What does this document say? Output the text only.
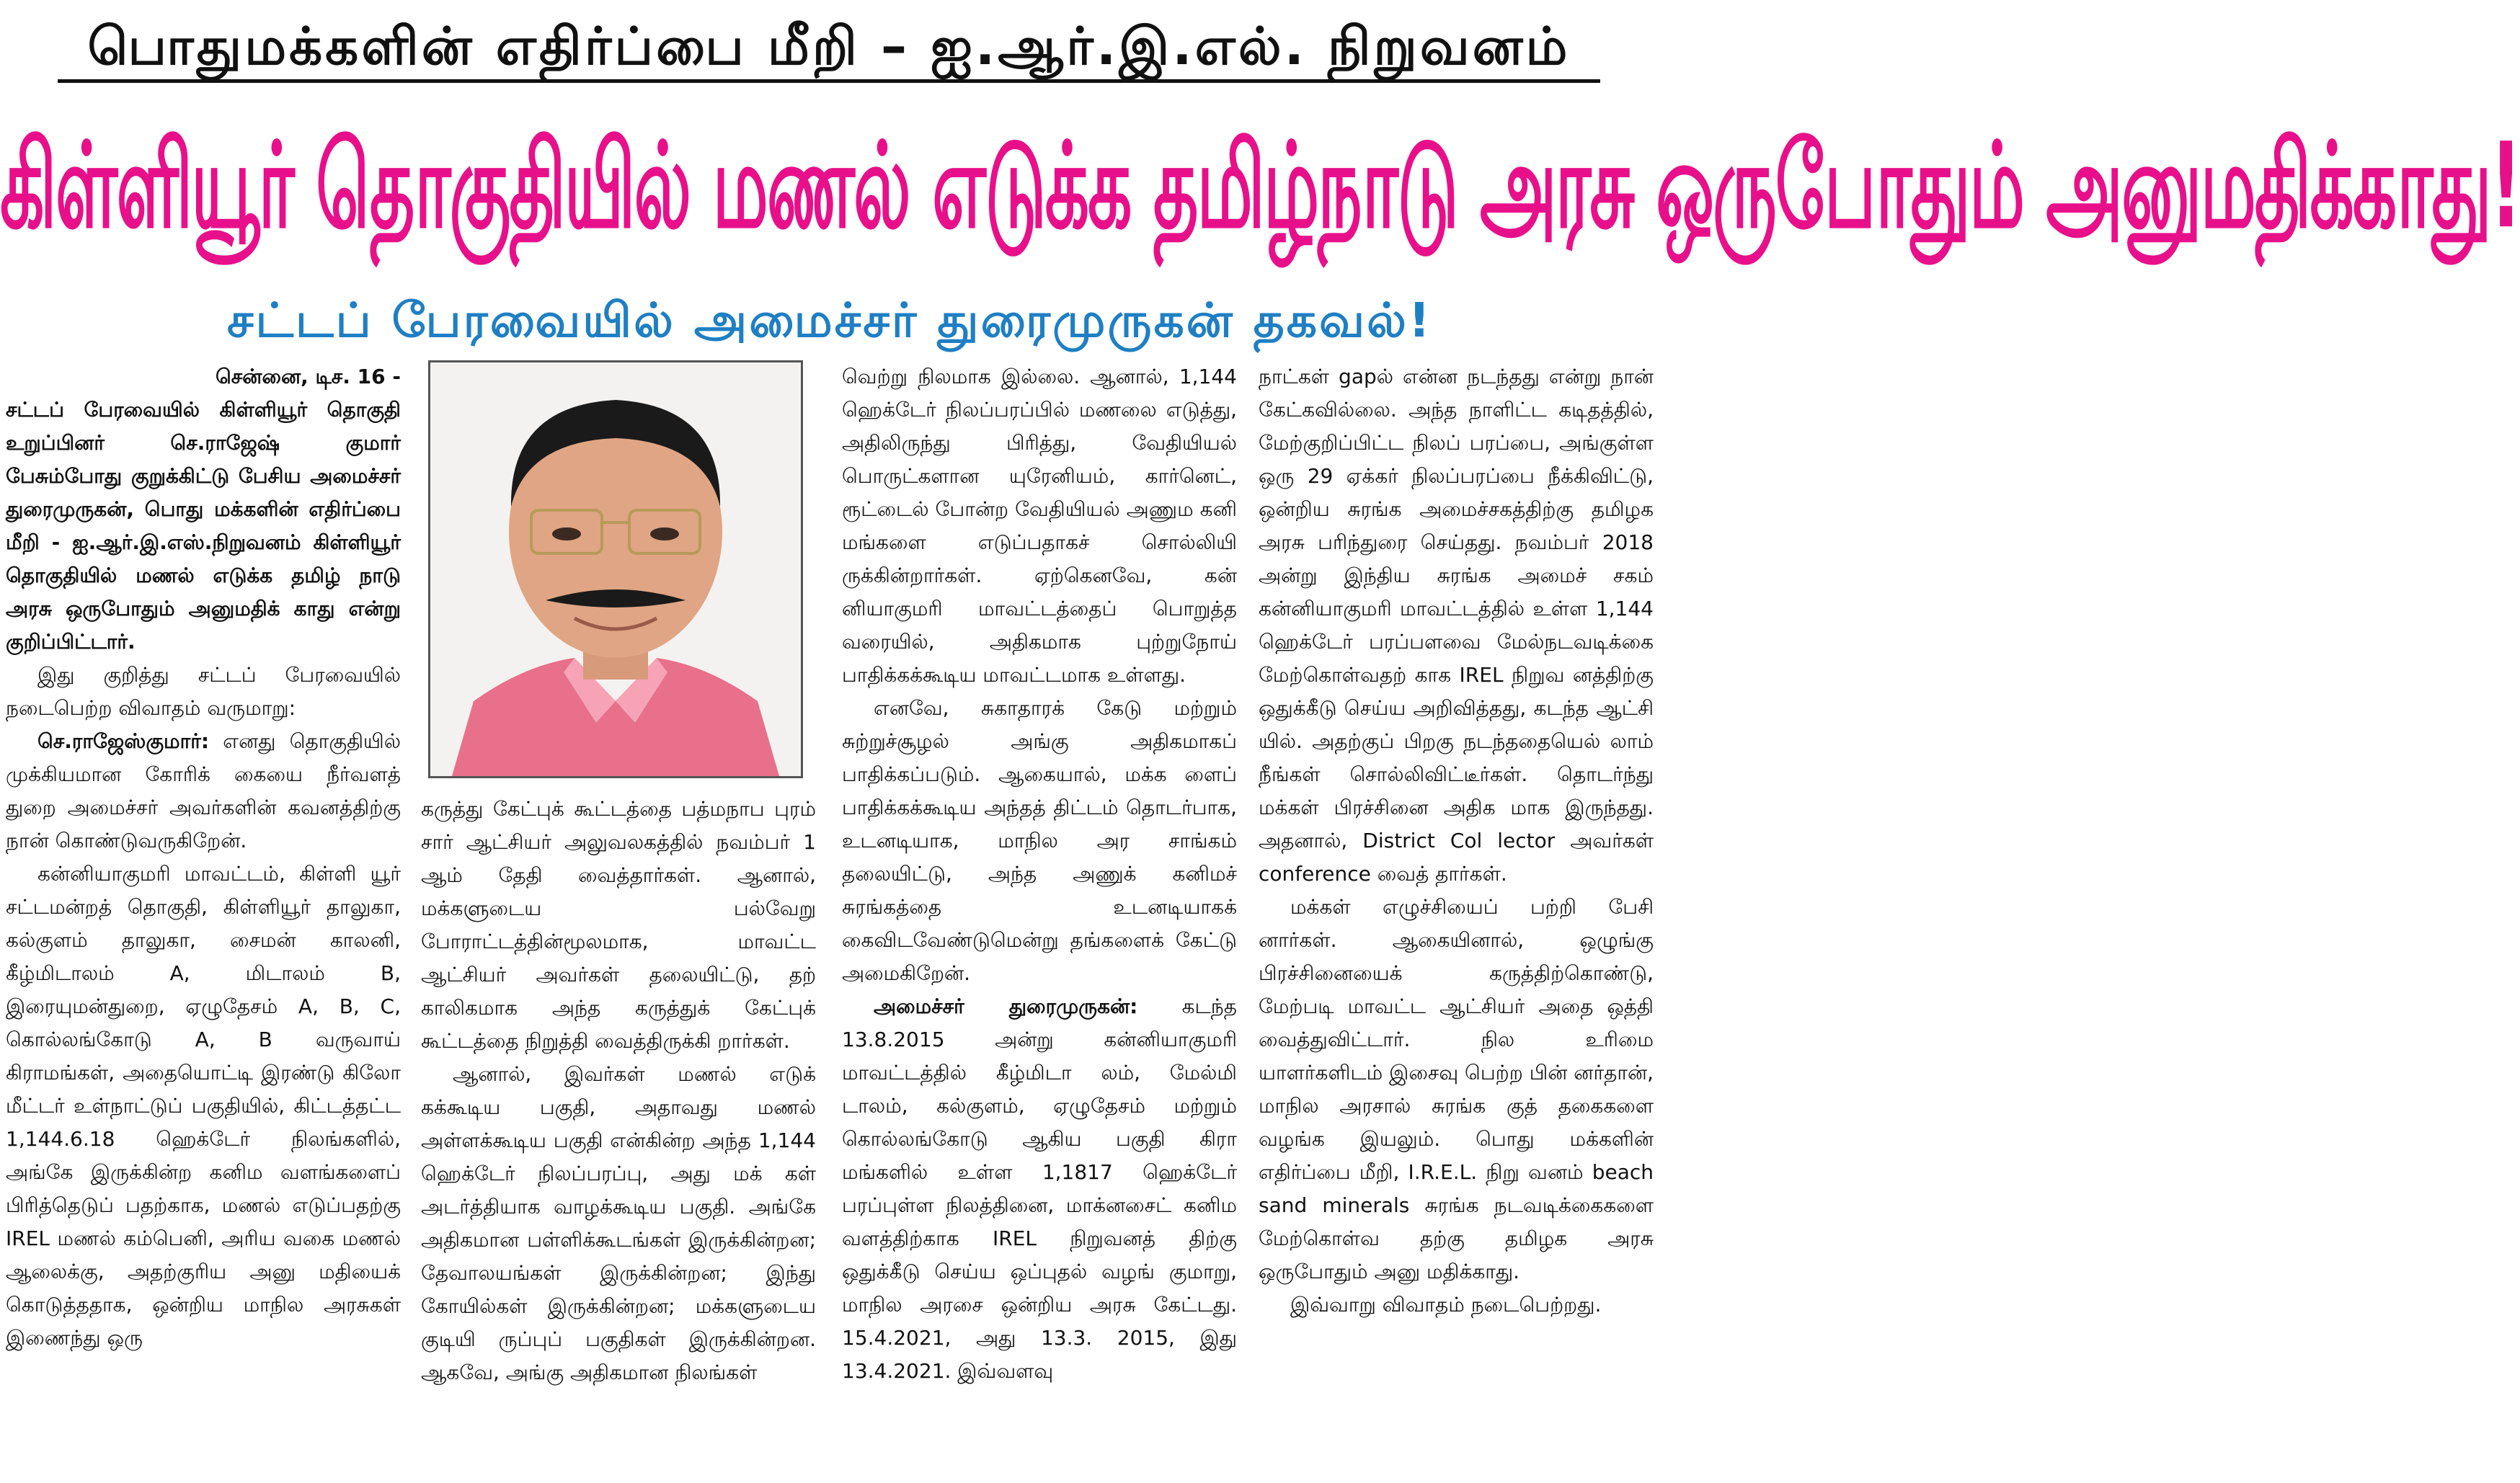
பொதுமக்களின் எதிர்ப்பை மீறி – ஐ.ஆர்.இ.எல். நிறுவனம்
கிள்ளியூர் தொகுதியில் மணல் எடுக்க தமிழ்நாடு அரசு ஒருபோதும் அனுமதிக்காது!
சட்டப் பேரவையில் அமைச்சர் துரைமுருகன் தகவல்!

சென்னை, டிச. 16 -

சட்டப் பேரவையில் கிள்ளியூர் தொகுதி உறுப்பினர் செ.ராஜேஷ் குமார் பேசும்போது குறுக்கிட்டு பேசிய அமைச்சர் துரைமுருகன், பொது மக்களின் எதிர்ப்பை மீறி - ஐ.ஆர்.இ.எஸ்.நிறுவனம் கிள்ளியூர் தொகுதியில் மணல் எடுக்க தமிழ் நாடு அரசு ஒருபோதும் அனுமதிக் காது என்று குறிப்பிட்டார்.

இது குறித்து சட்டப் பேரவையில் நடைபெற்ற விவாதம் வருமாறு:

செ.ராஜேஸ்குமார்: எனது தொகுதியில் முக்கியமான கோரிக் கையை நீர்வளத் துறை அமைச்சர் அவர்களின் கவனத்திற்கு நான் கொண்டுவருகிறேன்.

கன்னியாகுமரி மாவட்டம், கிள்ளி யூர் சட்டமன்றத் தொகுதி, கிள்ளியூர் தாலுகா, கல்குளம் தாலுகா, சைமன் காலனி, கீழ்மிடாலம் A, மிடாலம் B, இரையுமன்துறை, ஏழுதேசம் A, B, C, கொல்லங்கோடு A, B வருவாய் கிராமங்கள், அதையொட்டி இரண்டு கிலோ மீட்டர் உள்நாட்டுப் பகுதியில், கிட்டத்தட்ட 1,144.6.18 ஹெக்டேர் நிலங்களில், அங்கே இருக்கின்ற கனிம வளங்களைப் பிரித்தெடுப் பதற்காக, மணல் எடுப்பதற்கு IREL மணல் கம்பெனி, அரிய வகை மணல் ஆலைக்கு, அதற்குரிய அனு மதியைக் கொடுத்ததாக, ஒன்றிய மாநில அரசுகள் இணைந்து ஒரு

கருத்து கேட்புக் கூட்டத்தை பத்மநாப புரம் சார் ஆட்சியர் அலுவலகத்தில் நவம்பர் 1 ஆம் தேதி வைத்தார்கள். ஆனால், மக்களுடைய பல்வேறு போராட்டத்தின்மூலமாக, மாவட்ட ஆட்சியர் அவர்கள் தலையிட்டு, தற் காலிகமாக அந்த கருத்துக் கேட்புக் கூட்டத்தை நிறுத்தி வைத்திருக்கி றார்கள்.

ஆனால், இவர்கள் மணல் எடுக் கக்கூடிய பகுதி, அதாவது மணல் அள்ளக்கூடிய பகுதி என்கின்ற அந்த 1,144 ஹெக்டேர் நிலப்பரப்பு, அது மக் கள் அடர்த்தியாக வாழக்கூடிய பகுதி. அங்கே அதிகமான பள்ளிக்கூடங்கள் இருக்கின்றன; தேவாலயங்கள் இருக்கின்றன; இந்து கோயில்கள் இருக்கின்றன; மக்களுடைய குடியி ருப்புப் பகுதிகள் இருக்கின்றன. ஆகவே, அங்கு அதிகமான நிலங்கள்

வெற்று நிலமாக இல்லை. ஆனால், 1,144 ஹெக்டேர் நிலப்பரப்பில் மணலை எடுத்து, அதிலிருந்து பிரித்து, வேதியியல் பொருட்களான யுரேனியம், கார்னெட், ரூட்டைல் போன்ற வேதியியல் அணும கனி மங்களை எடுப்பதாகச் சொல்லியி ருக்கின்றார்கள். ஏற்கெனவே, கன் னியாகுமரி மாவட்டத்தைப் பொறுத்த வரையில், அதிகமாக புற்றுநோய் பாதிக்கக்கூடிய மாவட்டமாக உள்ளது.

எனவே, சுகாதாரக் கேடு மற்றும் சுற்றுச்சூழல் அங்கு அதிகமாகப் பாதிக்கப்படும். ஆகையால், மக்க ளைப் பாதிக்கக்கூடிய அந்தத் திட்டம் தொடர்பாக, உடனடியாக, மாநில அர சாங்கம் தலையிட்டு, அந்த அணுக் கனிமச் சுரங்கத்தை உடனடியாகக் கைவிடவேண்டுமென்று தங்களைக் கேட்டு அமைகிறேன்.

அமைச்சர் துரைமுருகன்: கடந்த 13.8.2015 அன்று கன்னியாகுமரி மாவட்டத்தில் கீழ்மிடா லம், மேல்மி டாலம், கல்குளம், ஏழுதேசம் மற்றும் கொல்லங்கோடு ஆகிய பகுதி கிரா மங்களில் உள்ள 1,1817 ஹெக்டேர் பரப்புள்ள நிலத்தினை, மாக்னசைட் கனிம வளத்திற்காக IREL நிறுவனத் திற்கு ஒதுக்கீடு செய்ய ஒப்புதல் வழங் குமாறு, மாநில அரசை ஒன்றிய அரசு கேட்டது. 15.4.2021, அது 13.3. 2015, இது 13.4.2021. இவ்வளவு

நாட்கள் gapல் என்ன நடந்தது என்று நான் கேட்கவில்லை. அந்த நாளிட்ட கடிதத்தில், மேற்குறிப்பிட்ட நிலப் பரப்பை, அங்குள்ள ஒரு 29 ஏக்கர் நிலப்பரப்பை நீக்கிவிட்டு, ஒன்றிய சுரங்க அமைச்சகத்திற்கு தமிழக அரசு பரிந்துரை செய்தது. நவம்பர் 2018 அன்று இந்திய சுரங்க அமைச் சகம் கன்னியாகுமரி மாவட்டத்தில் உள்ள 1,144 ஹெக்டேர் பரப்பளவை மேல்நடவடிக்கை மேற்கொள்வதற் காக IREL நிறுவ னத்திற்கு ஒதுக்கீடு செய்ய அறிவித்தது, கடந்த ஆட்சி யில். அதற்குப் பிறகு நடந்ததையெல் லாம் நீங்கள் சொல்லிவிட்டீர்கள். தொடர்ந்து மக்கள் பிரச்சினை அதிக மாக இருந்தது. அதனால், District Col lector அவர்கள் conference வைத் தார்கள்.

மக்கள் எழுச்சியைப் பற்றி பேசி னார்கள். ஆகையினால், ஒழுங்கு பிரச்சினையைக் கருத்திற்கொண்டு, மேற்படி மாவட்ட ஆட்சியர் அதை ஒத்தி வைத்துவிட்டார். நில உரிமை யாளர்களிடம் இசைவு பெற்ற பின் னர்தான், மாநில அரசால் சுரங்க குத் தகைகளை வழங்க இயலும். பொது மக்களின் எதிர்ப்பை மீறி, I.R.E.L. நிறு வனம் beach sand minerals சுரங்க நடவடிக்கைகளை மேற்கொள்வ தற்கு தமிழக அரசு ஒருபோதும் அனு மதிக்காது.

இவ்வாறு விவாதம் நடைபெற்றது.
